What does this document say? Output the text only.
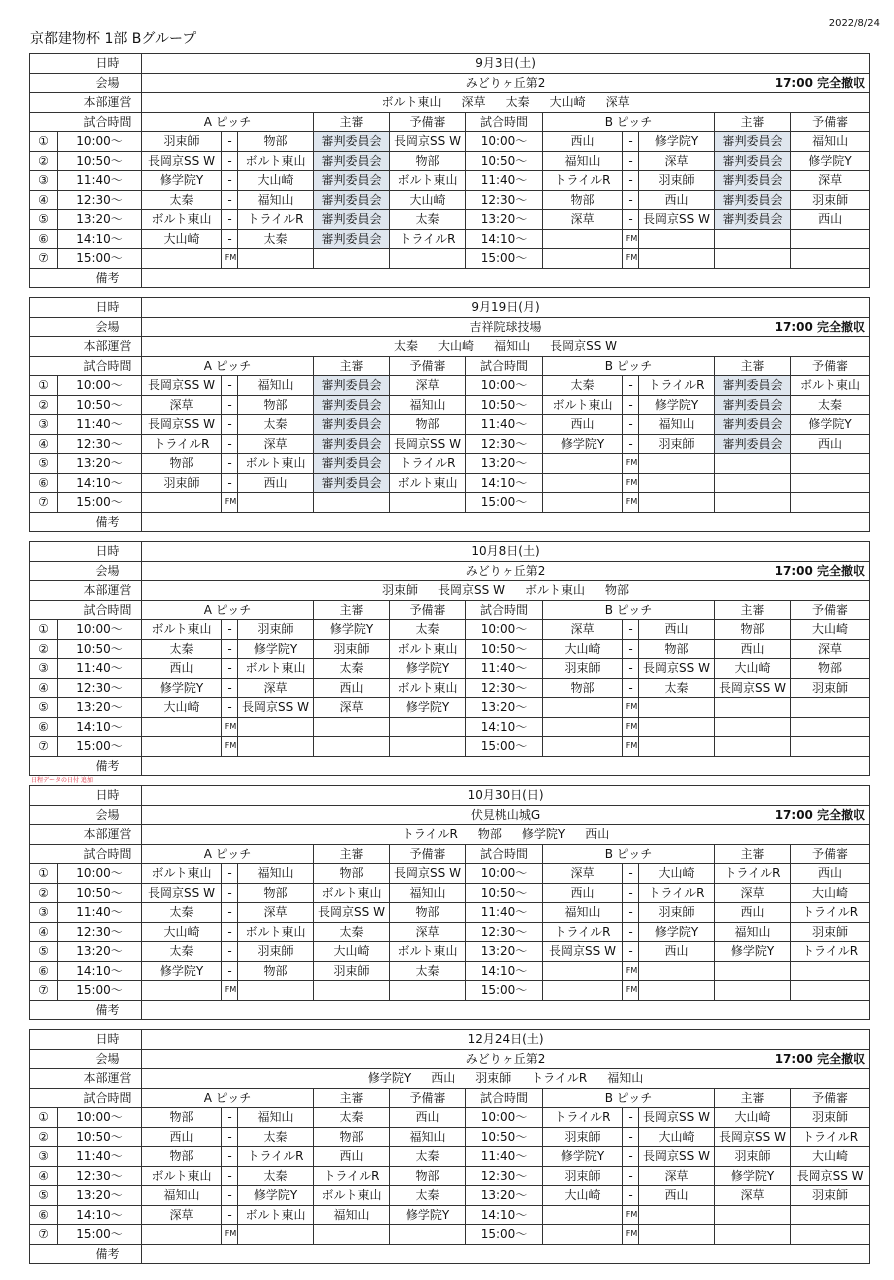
2022/8/24
京都建物杯 1部 Bグループ
日時		9月3日(土)										
会場		みどりヶ丘第2 17:00 完全撤収										

本部運営		ボルト東山 深草 太秦 大山崎 深草										
試合時間		A ピッチ			主審	予備審	試合時間	B ピッチ			主審	予備審
①	10:00～	羽束師	-	物部	審判委員会	長岡京SS W	10:00～	西山	-	修学院Y	審判委員会	福知山
②	10:50～	長岡京SS W	-	ボルト東山	審判委員会	物部	10:50～	福知山	-	深草	審判委員会	修学院Y
③	11:40～	修学院Y	-	大山崎	審判委員会	ボルト東山	11:40～	トライルR	-	羽束師	審判委員会	深草
④	12:30～	太秦	-	福知山	審判委員会	大山崎	12:30～	物部	-	西山	審判委員会	羽束師
⑤	13:20～	ボルト東山	-	トライルR	審判委員会	太秦	13:20～	深草	-	長岡京SS W	審判委員会	西山
⑥	14:10～	大山崎	-	太秦	審判委員会	トライルR	14:10～		FM			
⑦	15:00～		FM				15:00～		FM			
備考												
日時		9月19日(月)										
会場		吉祥院球技場 17:00 完全撤収										

本部運営		太秦 大山崎 福知山 長岡京SS W										
試合時間		A ピッチ			主審	予備審	試合時間	B ピッチ			主審	予備審
①	10:00～	長岡京SS W	-	福知山	審判委員会	深草	10:00～	太秦	-	トライルR	審判委員会	ボルト東山
②	10:50～	深草	-	物部	審判委員会	福知山	10:50～	ボルト東山	-	修学院Y	審判委員会	太秦
③	11:40～	長岡京SS W	-	太秦	審判委員会	物部	11:40～	西山	-	福知山	審判委員会	修学院Y
④	12:30～	トライルR	-	深草	審判委員会	長岡京SS W	12:30～	修学院Y	-	羽束師	審判委員会	西山
⑤	13:20～	物部	-	ボルト東山	審判委員会	トライルR	13:20～		FM			
⑥	14:10～	羽束師	-	西山	審判委員会	ボルト東山	14:10～		FM			
⑦	15:00～		FM				15:00～		FM			
備考												
日時		10月8日(土)										
会場		みどりヶ丘第2 17:00 完全撤収										

本部運営		羽束師 長岡京SS W ボルト東山 物部										
試合時間		A ピッチ			主審	予備審	試合時間	B ピッチ			主審	予備審
①	10:00～	ボルト東山	-	羽束師	修学院Y	太秦	10:00～	深草	-	西山	物部	大山崎
②	10:50～	太秦	-	修学院Y	羽束師	ボルト東山	10:50～	大山崎	-	物部	西山	深草
③	11:40～	西山	-	ボルト東山	太秦	修学院Y	11:40～	羽束師	-	長岡京SS W	大山崎	物部
④	12:30～	修学院Y	-	深草	西山	ボルト東山	12:30～	物部	-	太秦	長岡京SS W	羽束師
⑤	13:20～	大山崎	-	長岡京SS W	深草	修学院Y	13:20～		FM			
⑥	14:10～		FM				14:10～		FM			
⑦	15:00～		FM				15:00～		FM			
備考												
日程データの日付 追加
日時		10月30日(日)										
会場		伏見桃山城G 17:00 完全撤収										

本部運営		トライルR 物部 修学院Y 西山										
試合時間		A ピッチ			主審	予備審	試合時間	B ピッチ			主審	予備審
①	10:00～	ボルト東山	-	福知山	物部	長岡京SS W	10:00～	深草	-	大山崎	トライルR	西山
②	10:50～	長岡京SS W	-	物部	ボルト東山	福知山	10:50～	西山	-	トライルR	深草	大山崎
③	11:40～	太秦	-	深草	長岡京SS W	物部	11:40～	福知山	-	羽束師	西山	トライルR
④	12:30～	大山崎	-	ボルト東山	太秦	深草	12:30～	トライルR	-	修学院Y	福知山	羽束師
⑤	13:20～	太秦	-	羽束師	大山崎	ボルト東山	13:20～	長岡京SS W	-	西山	修学院Y	トライルR
⑥	14:10～	修学院Y	-	物部	羽束師	太秦	14:10～		FM			
⑦	15:00～		FM				15:00～		FM			
備考												
日時		12月24日(土)										
会場		みどりヶ丘第2 17:00 完全撤収										

本部運営		修学院Y 西山 羽束師 トライルR 福知山										
試合時間		A ピッチ			主審	予備審	試合時間	B ピッチ			主審	予備審
①	10:00～	物部	-	福知山	太秦	西山	10:00～	トライルR	-	長岡京SS W	大山崎	羽束師
②	10:50～	西山	-	太秦	物部	福知山	10:50～	羽束師	-	大山崎	長岡京SS W	トライルR
③	11:40～	物部	-	トライルR	西山	太秦	11:40～	修学院Y	-	長岡京SS W	羽束師	大山崎
④	12:30～	ボルト東山	-	太秦	トライルR	物部	12:30～	羽束師	-	深草	修学院Y	長岡京SS W
⑤	13:20～	福知山	-	修学院Y	ボルト東山	太秦	13:20～	大山崎	-	西山	深草	羽束師
⑥	14:10～	深草	-	ボルト東山	福知山	修学院Y	14:10～		FM			
⑦	15:00～		FM				15:00～		FM			
備考												
